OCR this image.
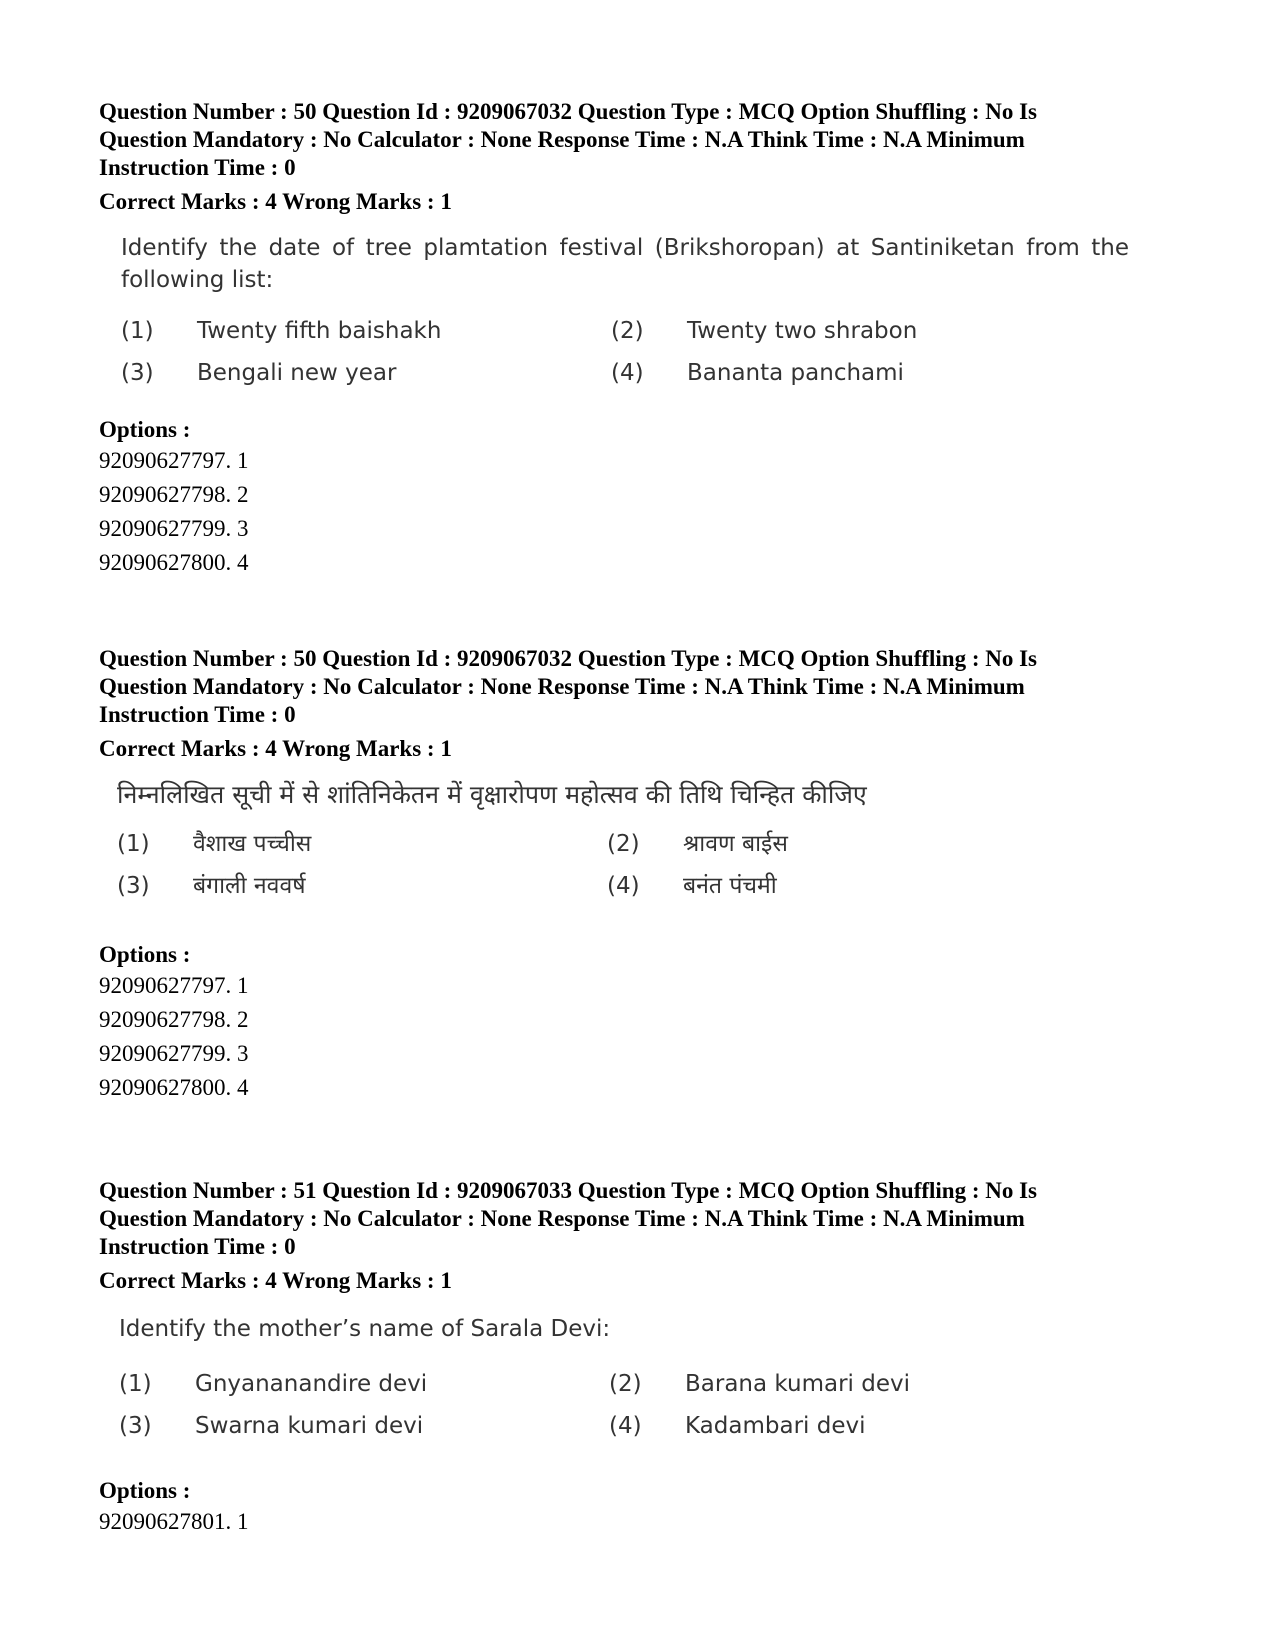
Question Number : 50 Question Id : 9209067032 Question Type : MCQ Option Shuffling : No Is Question Mandatory : No Calculator : None Response Time : N.A Think Time : N.A Minimum Instruction Time : 0

Correct Marks : 4 Wrong Marks : 1

Identify the date of tree plamtation festival (Brikshoropan) at Santiniketan from the following list:

(1)	Twenty fifth baishakh	(2)	Twenty two shrabon
(3)	Bengali new year	(4)	Bananta panchami

Options :

92090627797. 1

92090627798. 2

92090627799. 3

92090627800. 4

Question Number : 50 Question Id : 9209067032 Question Type : MCQ Option Shuffling : No Is Question Mandatory : No Calculator : None Response Time : N.A Think Time : N.A Minimum Instruction Time : 0

Correct Marks : 4 Wrong Marks : 1

निम्नलिखित सूची में से शांतिनिकेतन में वृक्षारोपण महोत्सव की तिथि चिन्हित कीजिए

(1)	वैशाख पच्चीस	(2)	श्रावण बाईस
(3)	बंगाली नववर्ष	(4)	बनंत पंचमी

Options :

92090627797. 1

92090627798. 2

92090627799. 3

92090627800. 4

Question Number : 51 Question Id : 9209067033 Question Type : MCQ Option Shuffling : No Is Question Mandatory : No Calculator : None Response Time : N.A Think Time : N.A Minimum Instruction Time : 0

Correct Marks : 4 Wrong Marks : 1

Identify the mother’s name of Sarala Devi:

(1)	Gnyananandire devi	(2)	Barana kumari devi
(3)	Swarna kumari devi	(4)	Kadambari devi

Options :

92090627801. 1
